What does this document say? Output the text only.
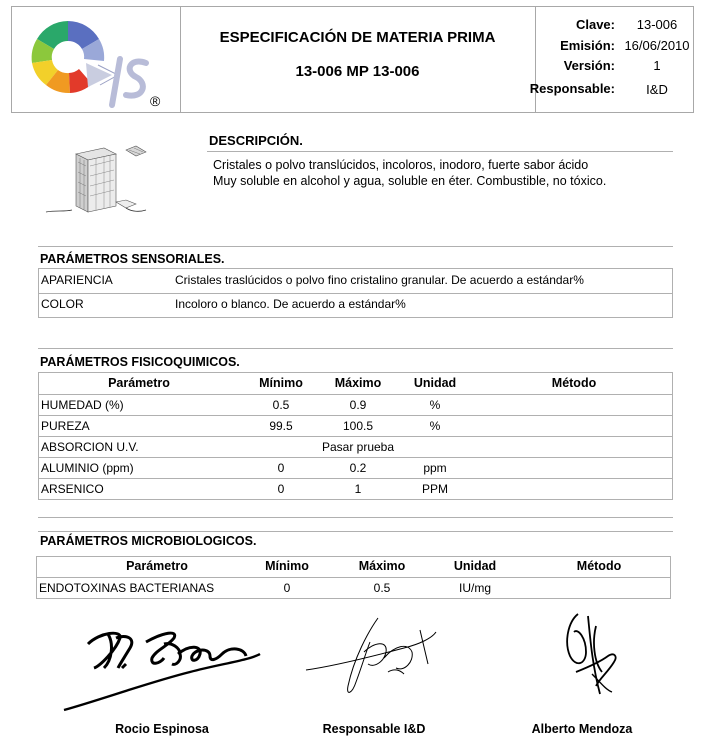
®
ESPECIFICACIÓN DE MATERIA PRIMA
13-006 MP 13-006
Clave:	13-006
Emisión: 16/06/2010
Versión:	1
Responsable:	I&D
DESCRIPCIÓN.
Cristales o polvo translúcidos, incoloros, inodoro, fuerte sabor ácido
Muy soluble en alcohol y agua, soluble en éter. Combustible, no tóxico.
PARÁMETROS SENSORIALES.
APARIENCIA	Cristales traslúcidos o polvo fino cristalino granular. De acuerdo a estándar%
COLOR	Incoloro o blanco. De acuerdo a estándar%
PARÁMETROS FISICOQUIMICOS.
Parámetro	Mínimo	Máximo	Unidad	Método
HUMEDAD (%)	0.5	0.9	%
PUREZA	99.5	100.5	%
ABSORCION U.V.	Pasar prueba
ALUMINIO (ppm)	0	0.2	ppm
ARSENICO	0	1	PPM
PARÁMETROS MICROBIOLOGICOS.
Parámetro	Mínimo	Máximo	Unidad	Método
ENDOTOXINAS BACTERIANAS	0	0.5	IU/mg
Rocio Espinosa	Responsable I&D	Alberto Mendoza
